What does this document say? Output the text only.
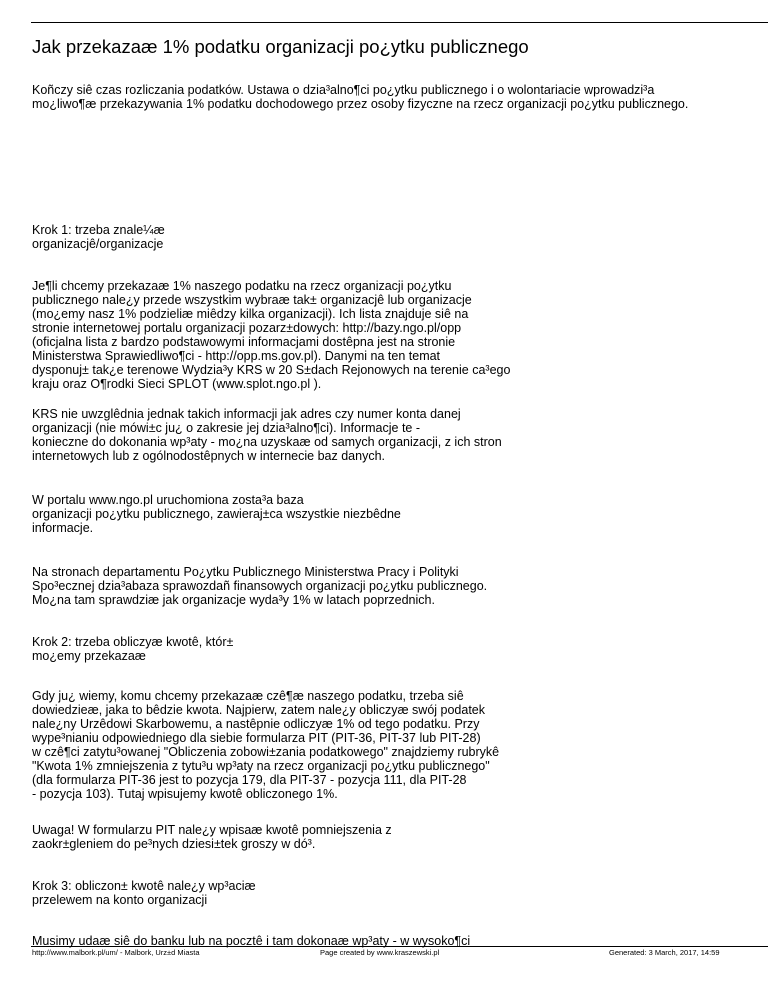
Jak przekazaæ 1% podatku organizacji po¿ytku publicznego
Koñczy siê czas rozliczania podatków. Ustawa o dzia³alno¶ci po¿ytku publicznego i o wolontariacie wprowadzi³a
mo¿liwo¶æ przekazywania 1% podatku dochodowego przez osoby fizyczne na rzecz organizacji po¿ytku publicznego.
Krok 1: trzeba znale¼æ
organizacjê/organizacje
Je¶li chcemy przekazaæ 1% naszego podatku na rzecz organizacji po¿ytku
publicznego nale¿y przede wszystkim wybraæ tak± organizacjê lub organizacje
(mo¿emy nasz 1% podzieliæ miêdzy kilka organizacji). Ich lista znajduje siê na
stronie internetowej portalu organizacji pozarz±dowych: http://bazy.ngo.pl/opp
(oficjalna lista z bardzo podstawowymi informacjami dostêpna jest na stronie
Ministerstwa Sprawiedliwo¶ci - http://opp.ms.gov.pl). Danymi na ten temat
dysponuj± tak¿e terenowe Wydzia³y KRS w 20 S±dach Rejonowych na terenie ca³ego
kraju oraz O¶rodki Sieci SPLOT (www.splot.ngo.pl ).
KRS nie uwzglêdnia jednak takich informacji jak adres czy numer konta danej
organizacji (nie mówi±c ju¿ o zakresie jej dzia³alno¶ci). Informacje te -
konieczne do dokonania wp³aty - mo¿na uzyskaæ od samych organizacji, z ich stron
internetowych lub z ogólnodostêpnych w internecie baz danych.
W portalu www.ngo.pl uruchomiona zosta³a baza
organizacji po¿ytku publicznego, zawieraj±ca wszystkie niezbêdne
informacje.
Na stronach departamentu Po¿ytku Publicznego Ministerstwa Pracy i Polityki
Spo³ecznej dzia³abaza sprawozdañ finansowych organizacji po¿ytku publicznego.
Mo¿na tam sprawdziæ jak organizacje wyda³y 1% w latach poprzednich.
Krok 2: trzeba obliczyæ kwotê, któr±
mo¿emy przekazaæ
Gdy ju¿ wiemy, komu chcemy przekazaæ czê¶æ naszego podatku, trzeba siê
dowiedzieæ, jaka to bêdzie kwota. Najpierw, zatem nale¿y obliczyæ swój podatek
nale¿ny Urzêdowi Skarbowemu, a nastêpnie odliczyæ 1% od tego podatku. Przy
wype³nianiu odpowiedniego dla siebie formularza PIT (PIT-36, PIT-37 lub PIT-28)
w czê¶ci zatytu³owanej "Obliczenia zobowi±zania podatkowego" znajdziemy rubrykê
"Kwota 1% zmniejszenia z tytu³u wp³aty na rzecz organizacji po¿ytku publicznego"
(dla formularza PIT-36 jest to pozycja 179, dla PIT-37 - pozycja 111, dla PIT-28
- pozycja 103). Tutaj wpisujemy kwotê obliczonego 1%.
Uwaga! W formularzu PIT nale¿y wpisaæ kwotê pomniejszenia z
zaokr±gleniem do pe³nych dziesi±tek groszy w dó³.
Krok 3: obliczon± kwotê nale¿y wp³aciæ
przelewem na konto organizacji
Musimy udaæ siê do banku lub na pocztê i tam dokonaæ wp³aty - w wysoko¶ci
http://www.malbork.pl/um/ - Malbork, Urz±d Miasta	Page created by www.kraszewski.pl	Generated: 3 March, 2017, 14:59
